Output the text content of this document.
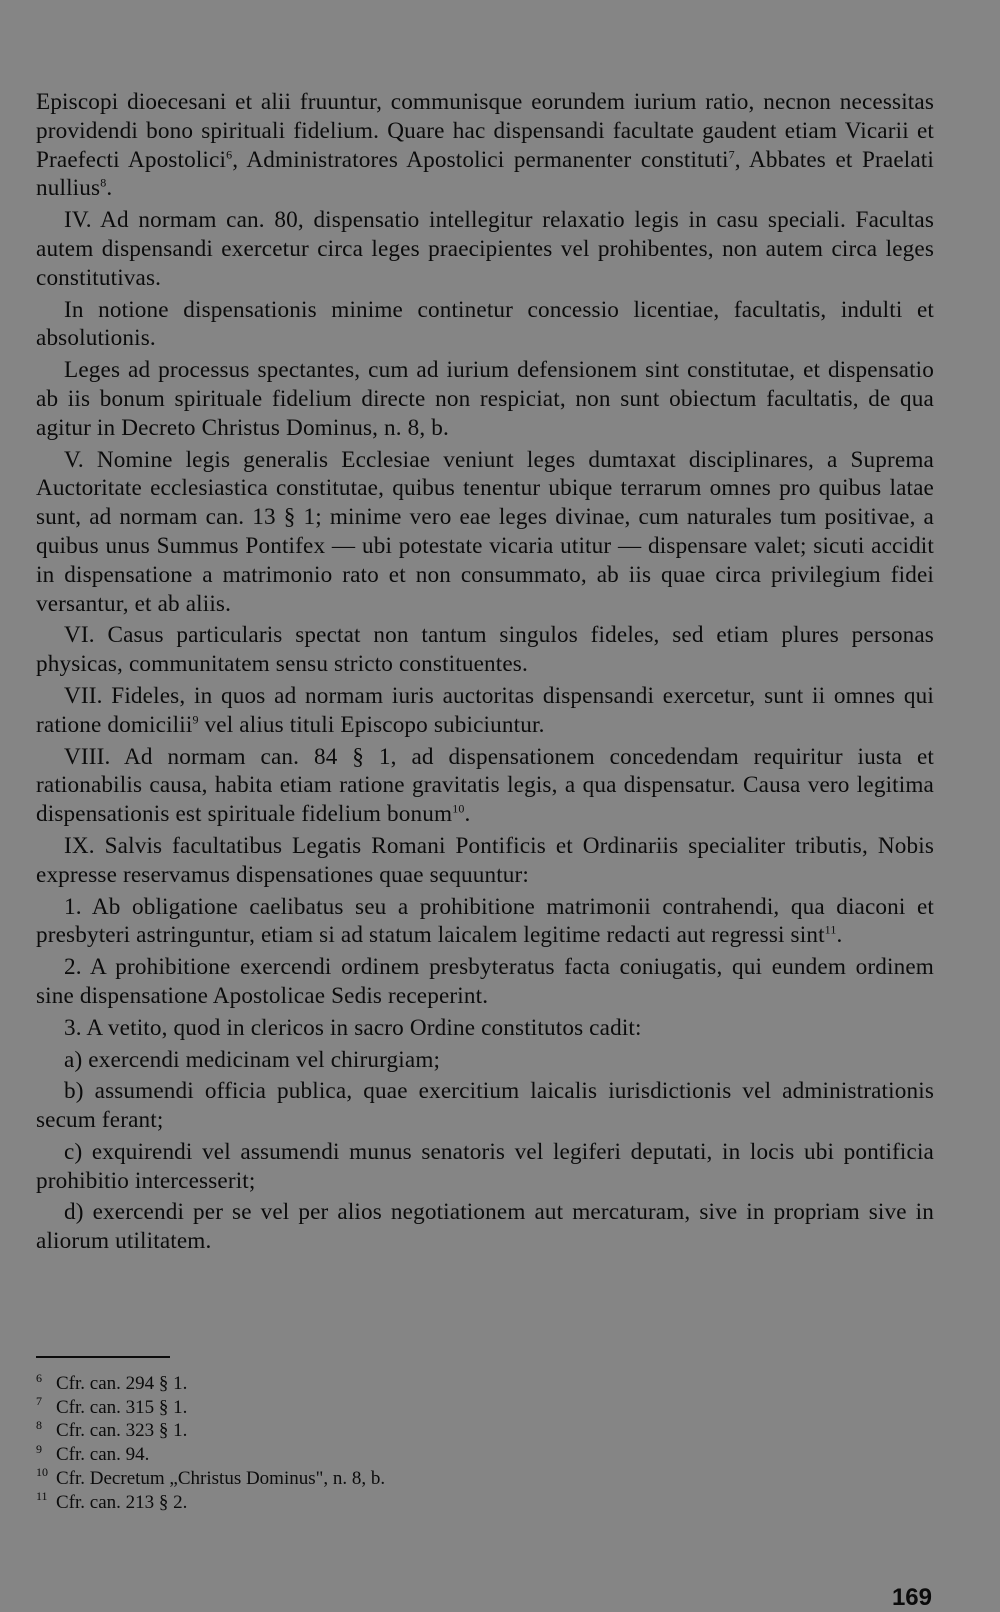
Episcopi dioecesani et alii fruuntur, communisque eorundem iurium ratio, necnon necessitas providendi bono spirituali fidelium. Quare hac dispensandi facultate gaudent etiam Vicarii et Praefecti Apostolici$^6$, Administratores Apostolici permanenter constituti$^7$, Abbates et Praelati nullius$^8$.

IV. Ad normam can. 80, dispensatio intellegitur relaxatio legis in casu speciali. Facultas autem dispensandi exercetur circa leges praecipientes vel prohibentes, non autem circa leges constitutivas.

In notione dispensationis minime continetur concessio licentiae, facultatis, indulti et absolutionis.

Leges ad processus spectantes, cum ad iurium defensionem sint constitutae, et dispensatio ab iis bonum spirituale fidelium directe non respiciat, non sunt obiectum facultatis, de qua agitur in Decreto Christus Dominus, n. 8, b.

V. Nomine legis generalis Ecclesiae veniunt leges dumtaxat disciplinares, a Suprema Auctoritate ecclesiastica constitutae, quibus tenentur ubique terrarum omnes pro quibus latae sunt, ad normam can. 13 § 1; minime vero eae leges divinae, cum naturales tum positivae, a quibus unus Summus Pontifex — ubi potestate vicaria utitur — dispensare valet; sicuti accidit in dispensatione a matrimonio rato et non consummato, ab iis quae circa privilegium fidei versantur, et ab aliis.

VI. Casus particularis spectat non tantum singulos fideles, sed etiam plures personas physicas, communitatem sensu stricto constituentes.

VII. Fideles, in quos ad normam iuris auctoritas dispensandi exercetur, sunt ii omnes qui ratione domicilii$^9$ vel alius tituli Episcopo subiciuntur.

VIII. Ad normam can. 84 § 1, ad dispensationem concedendam requiritur iusta et rationabilis causa, habita etiam ratione gravitatis legis, a qua dispensatur. Causa vero legitima dispensationis est spirituale fidelium bonum$^{10}$.

IX. Salvis facultatibus Legatis Romani Pontificis et Ordinariis specialiter tributis, Nobis expresse reservamus dispensationes quae sequuntur:

1. Ab obligatione caelibatus seu a prohibitione matrimonii contrahendi, qua diaconi et presbyteri astringuntur, etiam si ad statum laicalem legitime redacti aut regressi sint$^{11}$.

2. A prohibitione exercendi ordinem presbyteratus facta coniugatis, qui eundem ordinem sine dispensatione Apostolicae Sedis receperint.

3. A vetito, quod in clericos in sacro Ordine constitutos cadit:

a) exercendi medicinam vel chirurgiam;

b) assumendi officia publica, quae exercitium laicalis iurisdictionis vel administrationis secum ferant;

c) exquirendi vel assumendi munus senatoris vel legiferi deputati, in locis ubi pontificia prohibitio intercesserit;

d) exercendi per se vel per alios negotiationem aut mercaturam, sive in propriam sive in aliorum utilitatem.

6 Cfr. can. 294 § 1.
7 Cfr. can. 315 § 1.
8 Cfr. can. 323 § 1.
9 Cfr. can. 94.
10 Cfr. Decretum „Christus Dominus", n. 8, b.
11 Cfr. can. 213 § 2.
169
